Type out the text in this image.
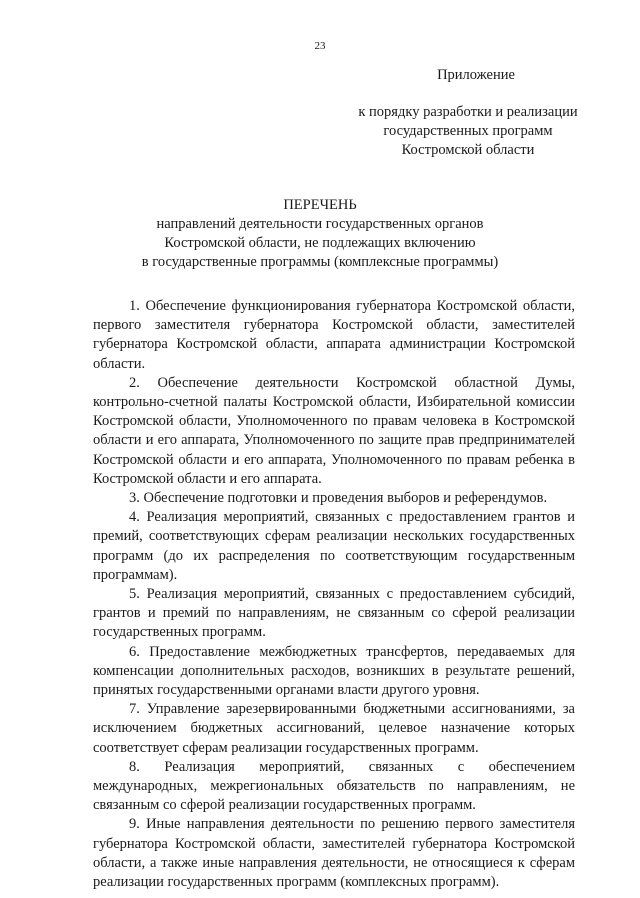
23
Приложение
к порядку разработки и реализации
государственных программ
Костромской области
ПЕРЕЧЕНЬ
направлений деятельности государственных органов
Костромской области, не подлежащих включению
в государственные программы (комплексные программы)

1. Обеспечение функционирования губернатора Костромской области, первого заместителя губернатора Костромской области, заместителей губернатора Костромской области, аппарата администрации Костромской области.

2. Обеспечение деятельности Костромской областной Думы, контрольно-счетной палаты Костромской области, Избирательной комиссии Костромской области, Уполномоченного по правам человека в Костромской области и его аппарата, Уполномоченного по защите прав предпринимателей Костромской области и его аппарата, Уполномоченного по правам ребенка в Костромской области и его аппарата.

3. Обеспечение подготовки и проведения выборов и референдумов.

4. Реализация мероприятий, связанных с предоставлением грантов и премий, соответствующих сферам реализации нескольких государственных программ (до их распределения по соответствующим государственным программам).

5. Реализация мероприятий, связанных с предоставлением субсидий, грантов и премий по направлениям, не связанным со сферой реализации государственных программ.

6. Предоставление межбюджетных трансфертов, передаваемых для компенсации дополнительных расходов, возникших в результате решений, принятых государственными органами власти другого уровня.

7. Управление зарезервированными бюджетными ассигнованиями, за исключением бюджетных ассигнований, целевое назначение которых соответствует сферам реализации государственных программ.

8. Реализация мероприятий, связанных с обеспечением международных, межрегиональных обязательств по направлениям, не связанным со сферой реализации государственных программ.

9. Иные направления деятельности по решению первого заместителя губернатора Костромской области, заместителей губернатора Костромской области, а также иные направления деятельности, не относящиеся к сферам реализации государственных программ (комплексных программ).
